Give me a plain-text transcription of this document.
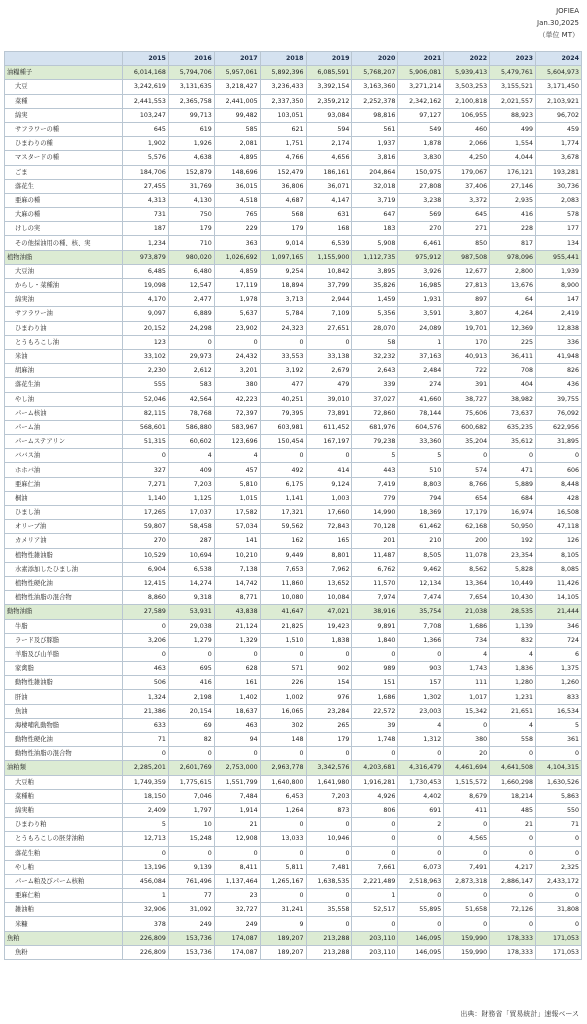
JOFIEA
Jan.30,2025
（単位 MT）
	2015	2016	2017	2018	2019	2020	2021	2022	2023	2024
油糧種子	6,014,168	5,794,706	5,957,061	5,892,396	6,085,591	5,768,207	5,906,081	5,939,413	5,479,761	5,604,973
大豆	3,242,619	3,131,635	3,218,427	3,236,433	3,392,154	3,163,360	3,271,214	3,503,253	3,155,521	3,171,450
菜種	2,441,553	2,365,758	2,441,005	2,337,350	2,359,212	2,252,378	2,342,162	2,100,818	2,021,557	2,103,921
綿実	103,247	99,713	99,482	103,051	93,084	98,816	97,127	106,955	88,923	96,702
サフラワーの種	645	619	585	621	594	561	549	460	499	459
ひまわりの種	1,902	1,926	2,081	1,751	2,174	1,937	1,878	2,066	1,554	1,774
マスタードの種	5,576	4,638	4,895	4,766	4,656	3,816	3,830	4,250	4,044	3,678
ごま	184,706	152,879	148,696	152,479	186,161	204,864	150,975	179,067	176,121	193,281
落花生	27,455	31,769	36,015	36,806	36,071	32,018	27,808	37,406	27,146	30,736
亜麻の種	4,313	4,130	4,518	4,687	4,147	3,719	3,238	3,372	2,935	2,083
大麻の種	731	750	765	568	631	647	569	645	416	578
けしの実	187	179	229	179	168	183	270	271	228	177
その他採油用の種、核、実	1,234	710	363	9,014	6,539	5,908	6,461	850	817	134
植物油脂	973,879	980,020	1,026,692	1,097,165	1,155,900	1,112,735	975,912	987,508	978,096	955,441
大豆油	6,485	6,480	4,859	9,254	10,842	3,895	3,926	12,677	2,800	1,939
からし・菜種油	19,098	12,547	17,119	18,894	37,799	35,826	16,985	27,813	13,676	8,900
綿実油	4,170	2,477	1,978	3,713	2,944	1,459	1,931	897	64	147
サフラワー油	9,097	6,889	5,637	5,784	7,109	5,356	3,591	3,807	4,264	2,419
ひまわり油	20,152	24,298	23,902	24,323	27,651	28,070	24,089	19,701	12,369	12,838
とうもろこし油	123	0	0	0	0	58	1	170	225	336
米油	33,102	29,973	24,432	33,553	33,138	32,232	37,163	40,913	36,411	41,948
胡麻油	2,230	2,612	3,201	3,192	2,679	2,643	2,484	722	708	826
落花生油	555	583	380	477	479	339	274	391	404	436
やし油	52,046	42,564	42,223	40,251	39,010	37,027	41,660	38,727	38,982	39,755
パーム核油	82,115	78,768	72,397	79,395	73,891	72,860	78,144	75,606	73,637	76,092
パーム油	568,601	586,880	583,967	603,981	611,452	681,976	604,576	600,682	635,235	622,956
パームステアリン	51,315	60,602	123,696	150,454	167,197	79,238	33,360	35,204	35,612	31,895
ババス油	0	4	4	0	0	5	5	0	0	0
ホホバ油	327	409	457	492	414	443	510	574	471	606
亜麻仁油	7,271	7,203	5,810	6,175	9,124	7,419	8,803	8,766	5,889	8,448
桐油	1,140	1,125	1,015	1,141	1,003	779	794	654	684	428
ひまし油	17,265	17,037	17,582	17,321	17,660	14,990	18,369	17,179	16,974	16,508
オリーブ油	59,807	58,458	57,034	59,562	72,843	70,128	61,462	62,168	50,950	47,118
カメリア油	270	287	141	162	165	201	210	200	192	126
植物性雑油脂	10,529	10,694	10,210	9,449	8,801	11,487	8,505	11,078	23,354	8,105
水素添加したひまし油	6,904	6,538	7,138	7,653	7,962	6,762	9,462	8,562	5,828	8,085
植物性硬化油	12,415	14,274	14,742	11,860	13,652	11,570	12,134	13,364	10,449	11,426
植物性油脂の混合物	8,860	9,318	8,771	10,080	10,084	7,974	7,474	7,654	10,430	14,105
動物油脂	27,589	53,931	43,838	41,647	47,021	38,916	35,754	21,038	28,535	21,444
牛脂	0	29,038	21,124	21,825	19,423	9,891	7,708	1,686	1,139	346
ラード及び豚脂	3,206	1,279	1,329	1,510	1,838	1,840	1,366	734	832	724
羊脂及び山羊脂	0	0	0	0	0	0	0	4	4	6
家禽脂	463	695	628	571	902	989	903	1,743	1,836	1,375
動物性雑油脂	506	416	161	226	154	151	157	111	1,280	1,260
肝油	1,324	2,198	1,402	1,002	976	1,686	1,302	1,017	1,231	833
魚油	21,386	20,154	18,637	16,065	23,284	22,572	23,003	15,342	21,651	16,534
海棲哺乳動物脂	633	69	463	302	265	39	4	0	4	5
動物性硬化油	71	82	94	148	179	1,748	1,312	380	558	361
動物性油脂の混合物	0	0	0	0	0	0	0	20	0	0
油粕類	2,285,201	2,601,769	2,753,000	2,963,778	3,342,576	4,203,681	4,316,479	4,461,694	4,641,508	4,104,315
大豆粕	1,749,359	1,775,615	1,551,799	1,640,800	1,641,980	1,916,281	1,730,453	1,515,572	1,660,298	1,630,526
菜種粕	18,150	7,046	7,484	6,453	7,203	4,926	4,402	8,679	18,214	5,863
綿実粕	2,409	1,797	1,914	1,264	873	806	691	411	485	550
ひまわり粕	5	10	21	0	0	0	2	0	21	71
とうもろこしの胚芽油粕	12,713	15,248	12,908	13,033	10,946	0	0	4,565	0	0
落花生粕	0	0	0	0	0	0	0	0	0	0
やし粕	13,196	9,139	8,411	5,811	7,481	7,661	6,073	7,491	4,217	2,325
パーム粕及びパーム核粕	456,084	761,496	1,137,464	1,265,167	1,638,535	2,221,489	2,518,963	2,873,318	2,886,147	2,433,172
亜麻仁粕	1	77	23	0	0	1	0	0	0	0
雑油粕	32,906	31,092	32,727	31,241	35,558	52,517	55,895	51,658	72,126	31,808
米糠	378	249	249	9	0	0	0	0	0	0
魚粕	226,809	153,736	174,087	189,207	213,288	203,110	146,095	159,990	178,333	171,053
魚粉	226,809	153,736	174,087	189,207	213,288	203,110	146,095	159,990	178,333	171,053
出典：財務省「貿易統計」速報ベース
